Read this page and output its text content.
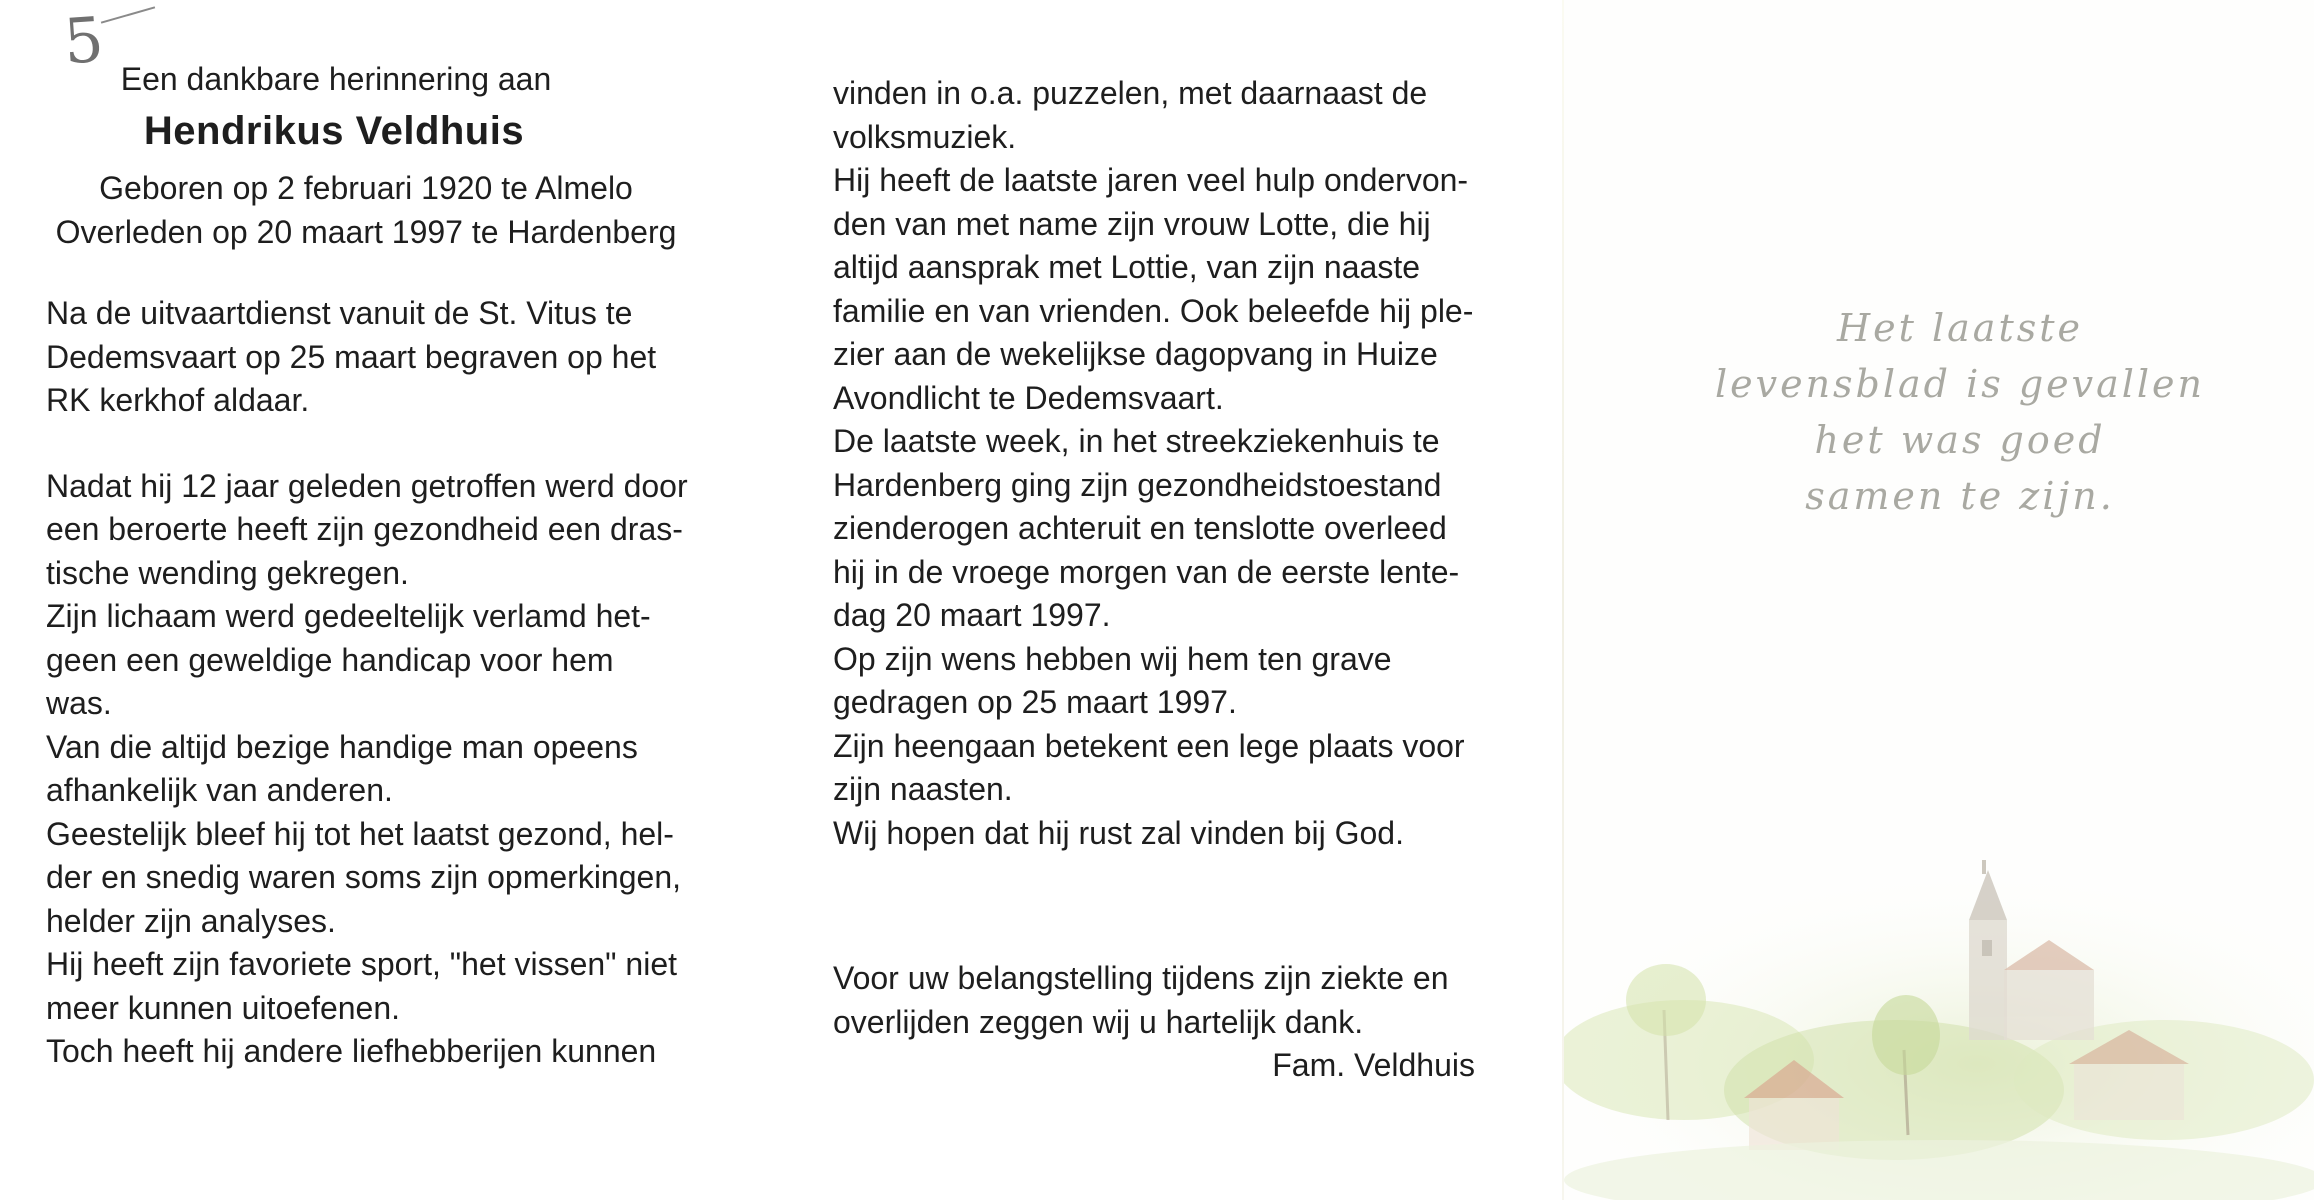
5
Een dankbare herinnering aan
Hendrikus Veldhuis
Geboren op 2 februari 1920 te Almelo
Overleden op 20 maart 1997 te Hardenberg

Na de uitvaartdienst vanuit de St. Vitus te
Dedemsvaart op 25 maart begraven op het
RK kerkhof aldaar.

Nadat hij 12 jaar geleden getroffen werd door
een beroerte heeft zijn gezondheid een dras-
tische wending gekregen.
Zijn lichaam werd gedeeltelijk verlamd het-
geen een geweldige handicap voor hem
was.
Van die altijd bezige handige man opeens
afhankelijk van anderen.
Geestelijk bleef hij tot het laatst gezond, hel-
der en snedig waren soms zijn opmerkingen,
helder zijn analyses.
Hij heeft zijn favoriete sport, "het vissen" niet
meer kunnen uitoefenen.
Toch heeft hij andere liefhebberijen kunnen

vinden in o.a. puzzelen, met daarnaast de
volksmuziek.
Hij heeft de laatste jaren veel hulp ondervon-
den van met name zijn vrouw Lotte, die hij
altijd aansprak met Lottie, van zijn naaste
familie en van vrienden. Ook beleefde hij ple-
zier aan de wekelijkse dagopvang in Huize
Avondlicht te Dedemsvaart.
De laatste week, in het streekziekenhuis te
Hardenberg ging zijn gezondheidstoestand
zienderogen achteruit en tenslotte overleed
hij in de vroege morgen van de eerste lente-
dag 20 maart 1997.
Op zijn wens hebben wij hem ten grave
gedragen op 25 maart 1997.
Zijn heengaan betekent een lege plaats voor
zijn naasten.
Wij hopen dat hij rust zal vinden bij God.

Voor uw belangstelling tijdens zijn ziekte en
overlijden zeggen wij u hartelijk dank.

Fam. Veldhuis

Het laatste
levensblad is gevallen
het was goed
samen te zijn.
